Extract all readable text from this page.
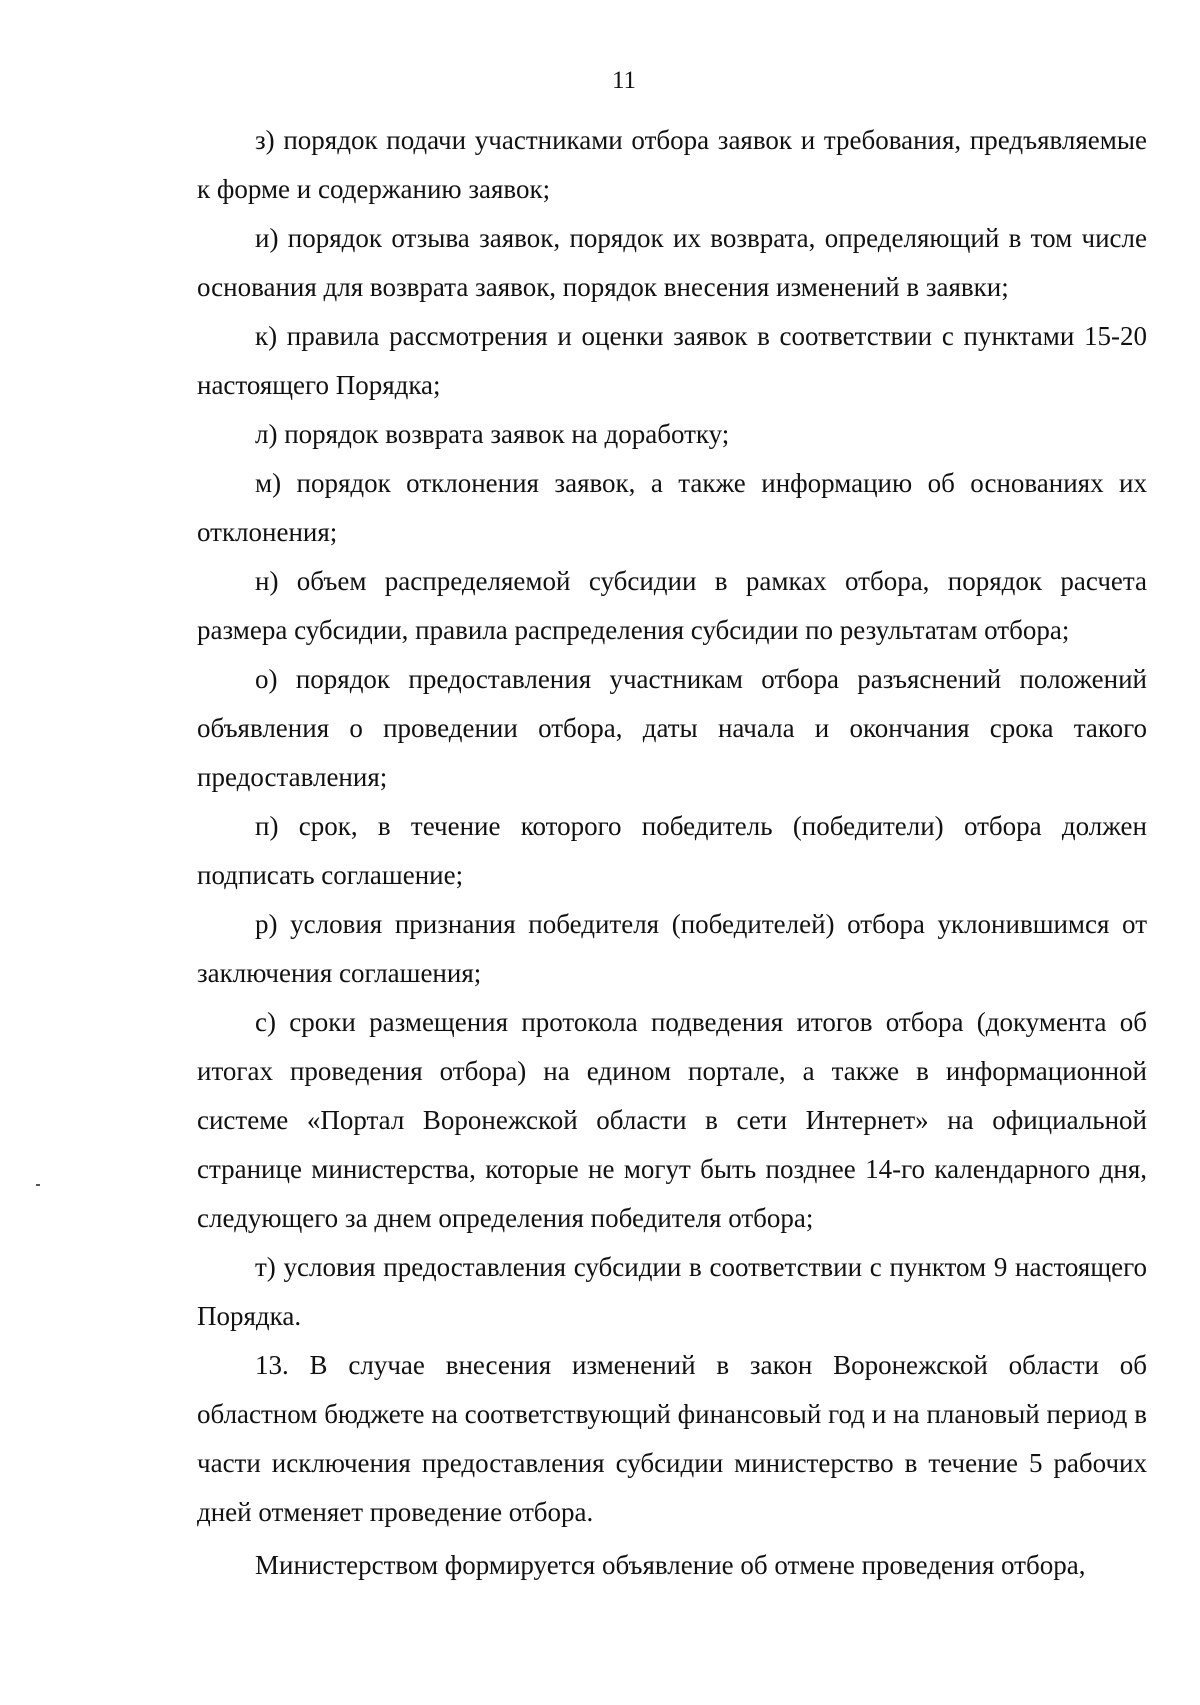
11

з) порядок подачи участниками отбора заявок и требования, предъявляемые к форме и содержанию заявок;

и) порядок отзыва заявок, порядок их возврата, определяющий в том числе основания для возврата заявок, порядок внесения изменений в заявки;

к) правила рассмотрения и оценки заявок в соответствии с пунктами 15-20 настоящего Порядка;

л) порядок возврата заявок на доработку;

м) порядок отклонения заявок, а также информацию об основаниях их отклонения;

н) объем распределяемой субсидии в рамках отбора, порядок расчета размера субсидии, правила распределения субсидии по результатам отбора;

о) порядок предоставления участникам отбора разъяснений положений объявления о проведении отбора, даты начала и окончания срока такого предоставления;

п) срок, в течение которого победитель (победители) отбора должен подписать соглашение;

р) условия признания победителя (победителей) отбора уклонившимся от заключения соглашения;

с) сроки размещения протокола подведения итогов отбора (документа об итогах проведения отбора) на едином портале, а также в информационной системе «Портал Воронежской области в сети Интернет» на официальной странице министерства, которые не могут быть позднее 14-го календарного дня, следующего за днем определения победителя отбора;

т) условия предоставления субсидии в соответствии с пунктом 9 настоящего Порядка.

13. В случае внесения изменений в закон Воронежской области об областном бюджете на соответствующий финансовый год и на плановый период в части исключения предоставления субсидии министерство в течение 5 рабочих дней отменяет проведение отбора.

Министерством формируется объявление об отмене проведения отбора,
